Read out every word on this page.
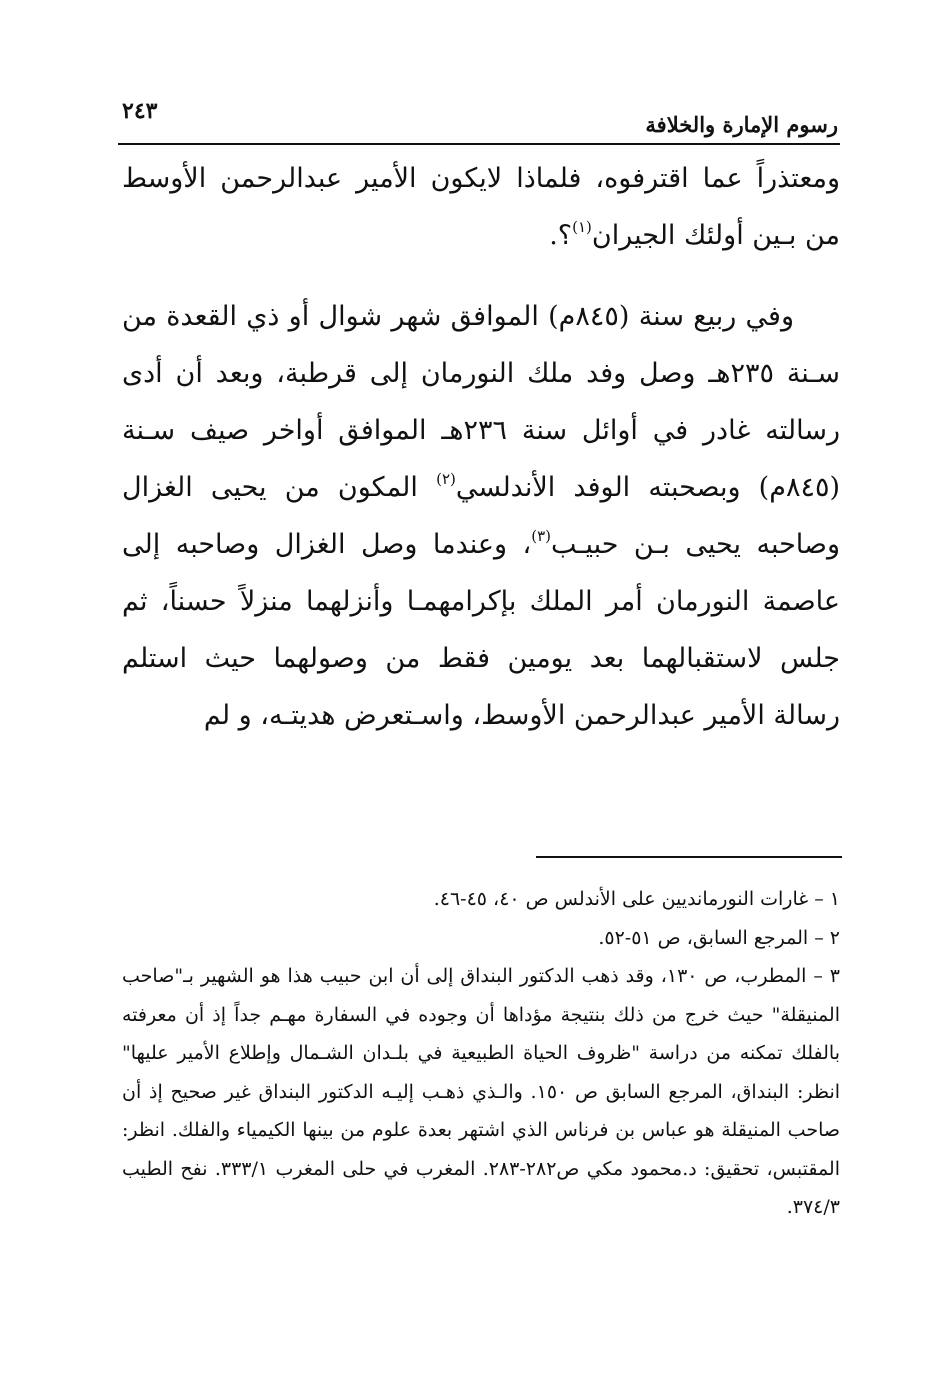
٢٤٣
رسوم الإمارة والخلافة

ومعتذراً عما اقترفوه، فلماذا لايكون الأمير عبدالرحمن الأوسط من بـين أولئك الجيران$^{(١)}$؟.

وفي ربيع سنة (٨٤٥م) الموافق شهر شوال أو ذي القعدة من سـنة ٢٣٥هـ وصل وفد ملك النورمان إلى قرطبة، وبعد أن أدى رسالته غادر في أوائل سنة ٢٣٦هـ الموافق أواخر صيف سـنة (٨٤٥م) وبصحبته الوفد الأندلسي$^{(٢)}$ المكون من يحيى الغزال وصاحبه يحيى بـن حبيـب$^{(٣)}$، وعندما وصل الغزال وصاحبه إلى عاصمة النورمان أمر الملك بإكرامهمـا وأنزلهما منزلاً حسناً، ثم جلس لاستقبالهما بعد يومين فقط من وصولهما حيث استلم رسالة الأمير عبدالرحمن الأوسط، واسـتعرض هديتـه، و لم

١ – غارات النورمانديين على الأندلس ص ٤٠، ٤٥-٤٦.

٢ – المرجع السابق، ص ٥١-٥٢.

٣ – المطرب، ص ١٣٠، وقد ذهب الدكتور البنداق إلى أن ابن حبيب هذا هو الشهير بـ"صاحب المنيقلة" حيث خرج من ذلك بنتيجة مؤداها أن وجوده في السفارة مهـم جداً إذ أن معرفته بالفلك تمكنه من دراسة "ظروف الحياة الطبيعية في بلـدان الشـمال وإطلاع الأمير عليها" انظر: البنداق، المرجع السابق ص ١٥٠. والـذي ذهـب إليـه الدكتور البنداق غير صحيح إذ أن صاحب المنيقلة هو عباس بن فرناس الذي اشتهر بعدة علوم من بينها الكيمياء والفلك. انظر: المقتبس، تحقيق: د.محمود مكي ص٢٨٢-٢٨٣. المغرب في حلى المغرب ٣٣٣/١. نفح الطيب ٣٧٤/٣.
